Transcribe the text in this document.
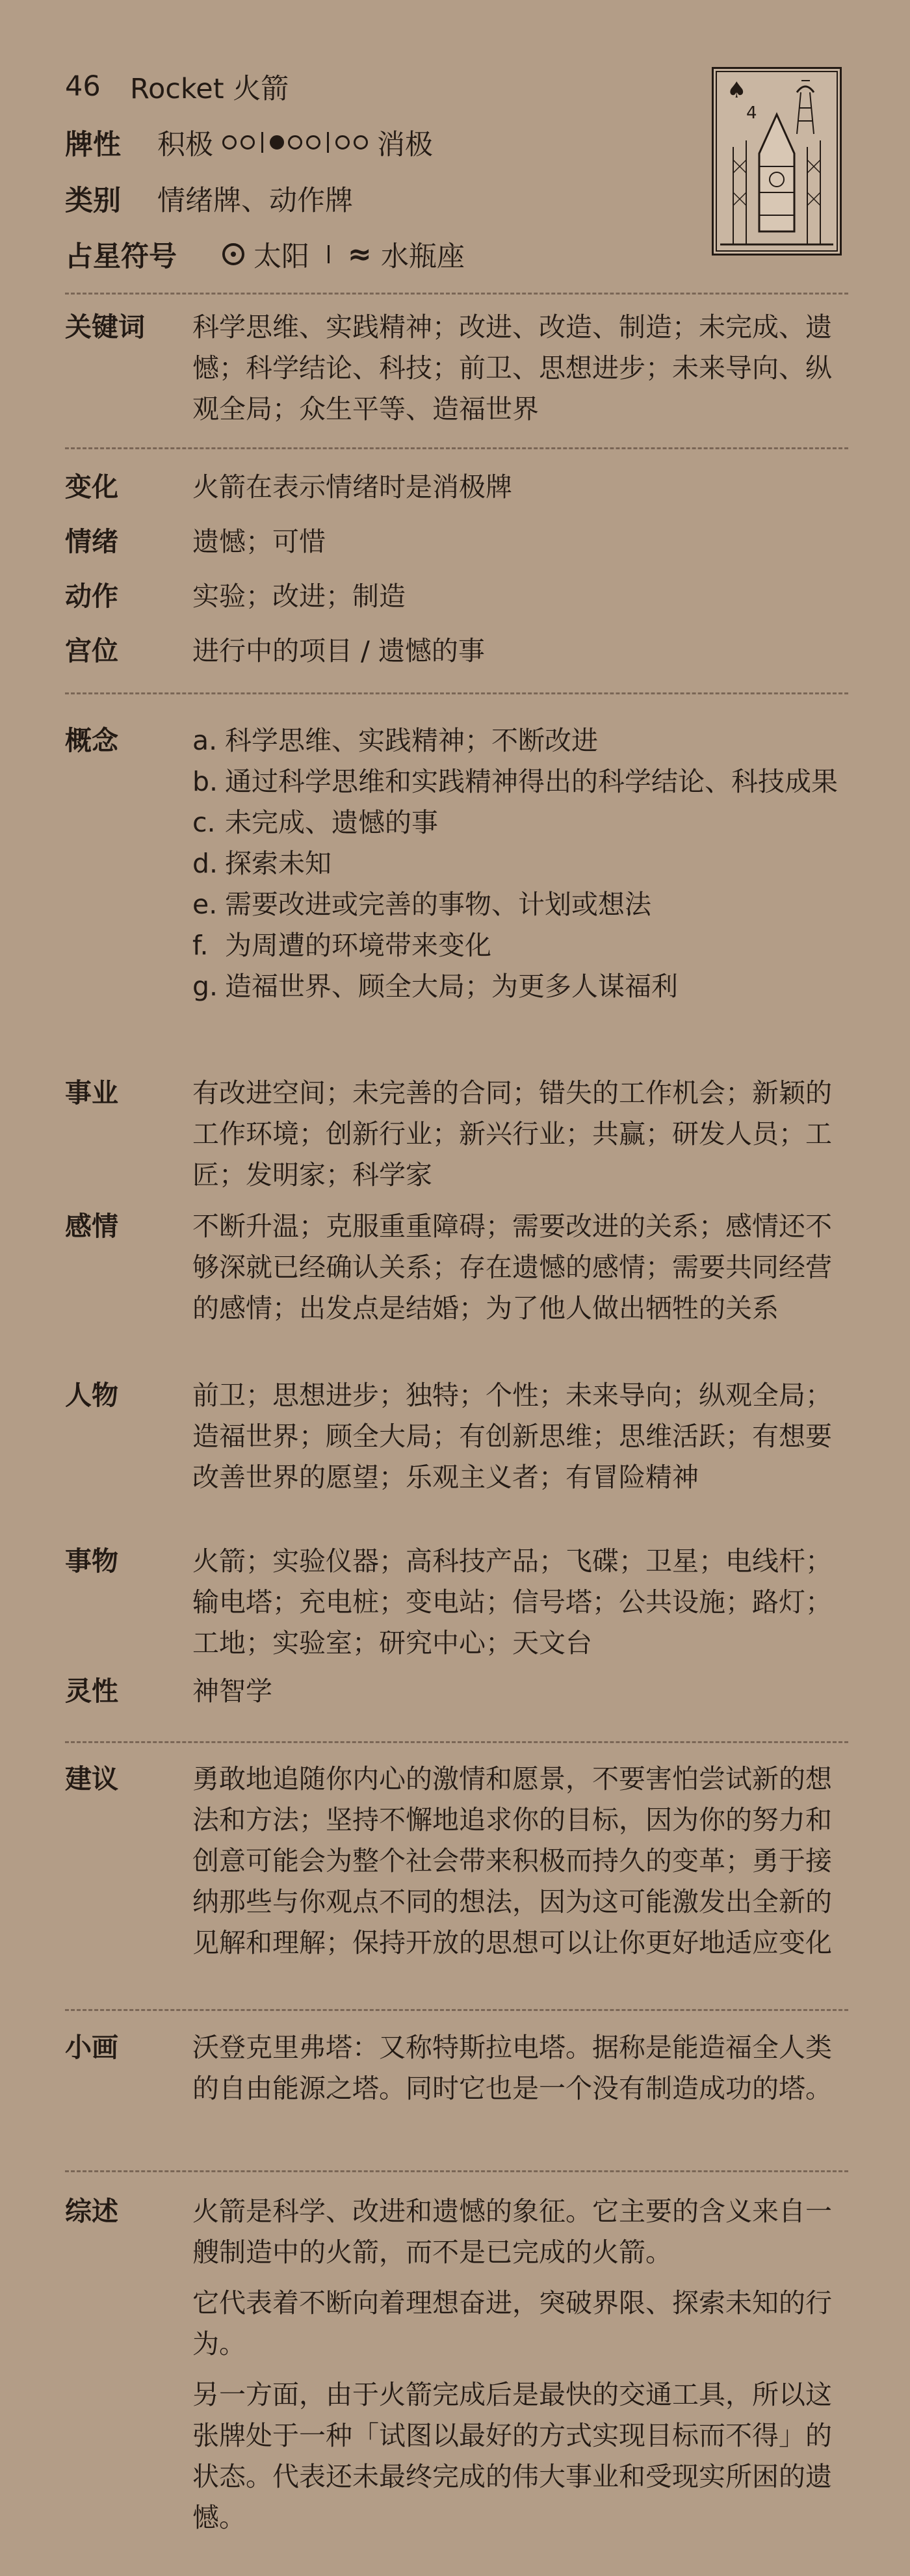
46	Rocket 火箭
牌性	积极	消极
类别	情绪牌、动作牌
占星符号	太阳 ≈ 水瓶座
♠
4
关键词	科学思维、实践精神；改进、改造、制造；未完成、遗憾；科学结论、科技；前卫、思想进步；未来导向、纵观全局；众生平等、造福世界
变化	火箭在表示情绪时是消极牌
情绪	遗憾；可惜
动作	实验；改进；制造
宫位	进行中的项目 / 遗憾的事
概念	a. 科学思维、实践精神；不断改进
b. 通过科学思维和实践精神得出的科学结论、科技成果
c. 未完成、遗憾的事
d. 探索未知
e. 需要改进或完善的事物、计划或想法
f. 为周遭的环境带来变化
g. 造福世界、顾全大局；为更多人谋福利
事业	有改进空间；未完善的合同；错失的工作机会；新颖的工作环境；创新行业；新兴行业；共赢；研发人员；工匠；发明家；科学家
感情	不断升温；克服重重障碍；需要改进的关系；感情还不够深就已经确认关系；存在遗憾的感情；需要共同经营的感情；出发点是结婚；为了他人做出牺牲的关系
人物	前卫；思想进步；独特；个性；未来导向；纵观全局；造福世界；顾全大局；有创新思维；思维活跃；有想要改善世界的愿望；乐观主义者；有冒险精神
事物	火箭；实验仪器；高科技产品；飞碟；卫星；电线杆；输电塔；充电桩；变电站；信号塔；公共设施；路灯；工地；实验室；研究中心；天文台
灵性	神智学
建议	勇敢地追随你内心的激情和愿景，不要害怕尝试新的想法和方法；坚持不懈地追求你的目标，因为你的努力和创意可能会为整个社会带来积极而持久的变革；勇于接纳那些与你观点不同的想法，因为这可能激发出全新的见解和理解；保持开放的思想可以让你更好地适应变化
小画	沃登克里弗塔：又称特斯拉电塔。据称是能造福全人类的自由能源之塔。同时它也是一个没有制造成功的塔。
综述	火箭是科学、改进和遗憾的象征。它主要的含义来自一艘制造中的火箭，而不是已完成的火箭。

它代表着不断向着理想奋进，突破界限、探索未知的行为。

另一方面，由于火箭完成后是最快的交通工具，所以这张牌处于一种「试图以最好的方式实现目标而不得」的状态。代表还未最终完成的伟大事业和受现实所困的遗憾。
